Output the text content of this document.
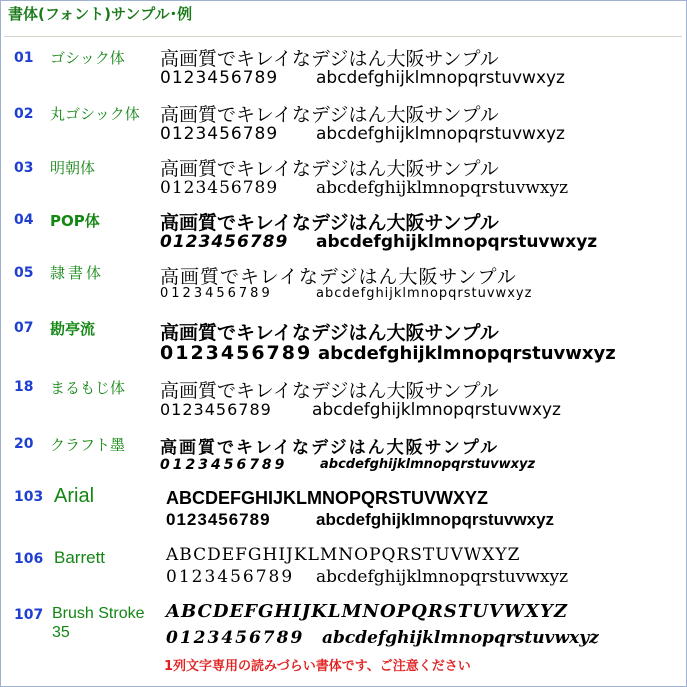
書体(フォント)サンプル･例
01 ゴシック体 高画質でキレイなデジはん大阪サンプル
0123456789 abcdefghijklmnopqrstuvwxyz
02 丸ゴシック体 高画質でキレイなデジはん大阪サンプル
0123456789 abcdefghijklmnopqrstuvwxyz
03 明朝体	高画質でキレイなデジはん大阪サンプル
0123456789 abcdefghijklmnopqrstuvwxyz
04 POP体	高画質でキレイなデジはん大阪サンプル
0123456789 abcdefghijklmnopqrstuvwxyz
05 隷書体	高画質でキレイなデジはん大阪サンプル
0123456789	abcdefghijklmnopqrstuvwxyz
07 勘亭流	高画質でキレイなデジはん大阪サンプル
0123456789 abcdefghijklmnopqrstuvwxyz
18 まるもじ体 高画質でキレイなデジはん大阪サンプル
0123456789 abcdefghijklmnopqrstuvwxyz
20 クラフト墨 高画質でキレイなデジはん大阪サンプル
0123456789	abcdefghijklmnopqrstuvwxyz
103 Arial	ABCDEFGHIJKLMNOPQRSTUVWXYZ
0123456789	abcdefghijklmnopqrstuvwxyz
106 Barrett	ABCDEFGHIJKLMNOPQRSTUVWXYZ
0123456789 abcdefghijklmnopqrstuvwxyz
107 Brush Stroke 35
ABCDEFGHIJKLMNOPQRSTUVWXYZ
0123456789 abcdefghijklmnopqrstuvwxyz
1列文字専用の読みづらい書体です、ご注意ください
